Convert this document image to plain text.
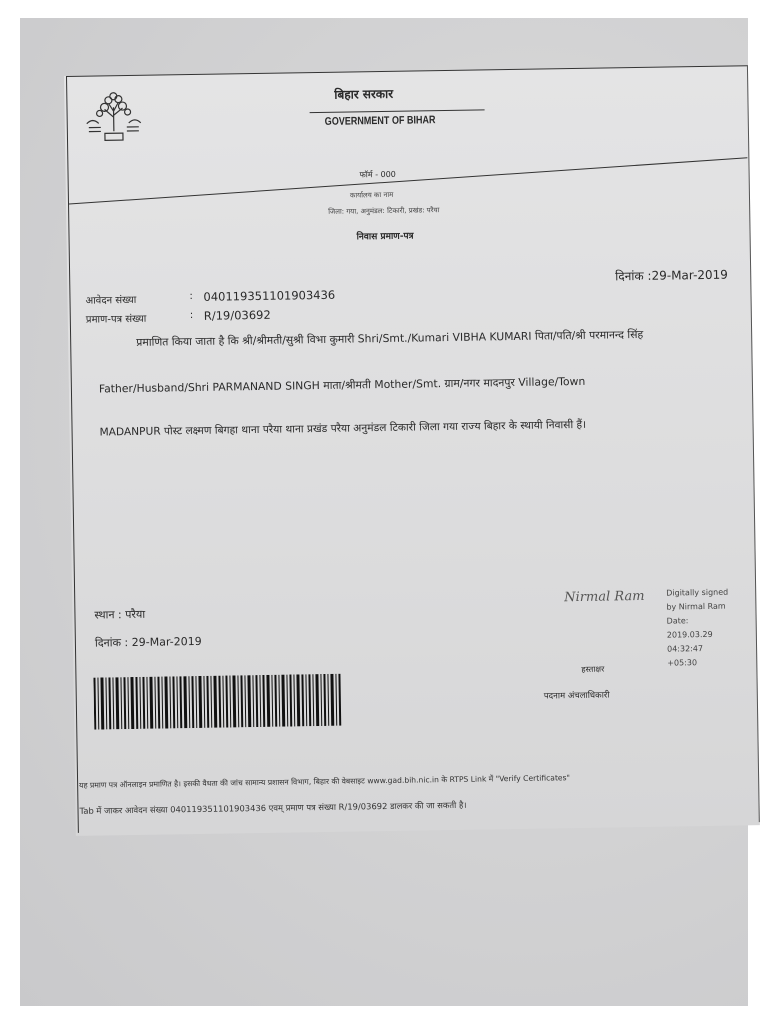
बिहार सरकार
GOVERNMENT OF BIHAR
फॉर्म - 000
कार्यालय का नाम
जिला: गया, अनुमंडल: टिकारी, प्रखंड: परैया
निवास प्रमाण-पत्र
दिनांक :29-Mar-2019
आवेदन संख्या	: 040119351101903436
प्रमाण-पत्र संख्या	: R/19/03692
प्रमाणित किया जाता है कि श्री/श्रीमती/सुश्री विभा कुमारी Shri/Smt./Kumari VIBHA KUMARI पिता/पति/श्री परमानन्द सिंह
Father/Husband/Shri PARMANAND SINGH माता/श्रीमती Mother/Smt. ग्राम/नगर मादनपुर Village/Town
MADANPUR पोस्ट लक्ष्मण बिगहा थाना परैया थाना प्रखंड परैया अनुमंडल टिकारी जिला गया राज्य बिहार के स्थायी निवासी हैं।
स्थान : परैया
दिनांक : 29-Mar-2019
Nirmal Ram	Digitally signed
by Nirmal Ram
Date:
2019.03.29
04:32:47
+05:30
हस्ताक्षर
पदनाम अंचलाधिकारी
यह प्रमाण पत्र ऑनलाइन प्रमाणित है। इसकी वैधता की जांच सामान्य प्रशासन विभाग, बिहार की वेबसाइट www.gad.bih.nic.in के RTPS Link में "Verify Certificates"
Tab में जाकर आवेदन संख्या 040119351101903436 एवम् प्रमाण पत्र संख्या R/19/03692 डालकर की जा सकती है।
